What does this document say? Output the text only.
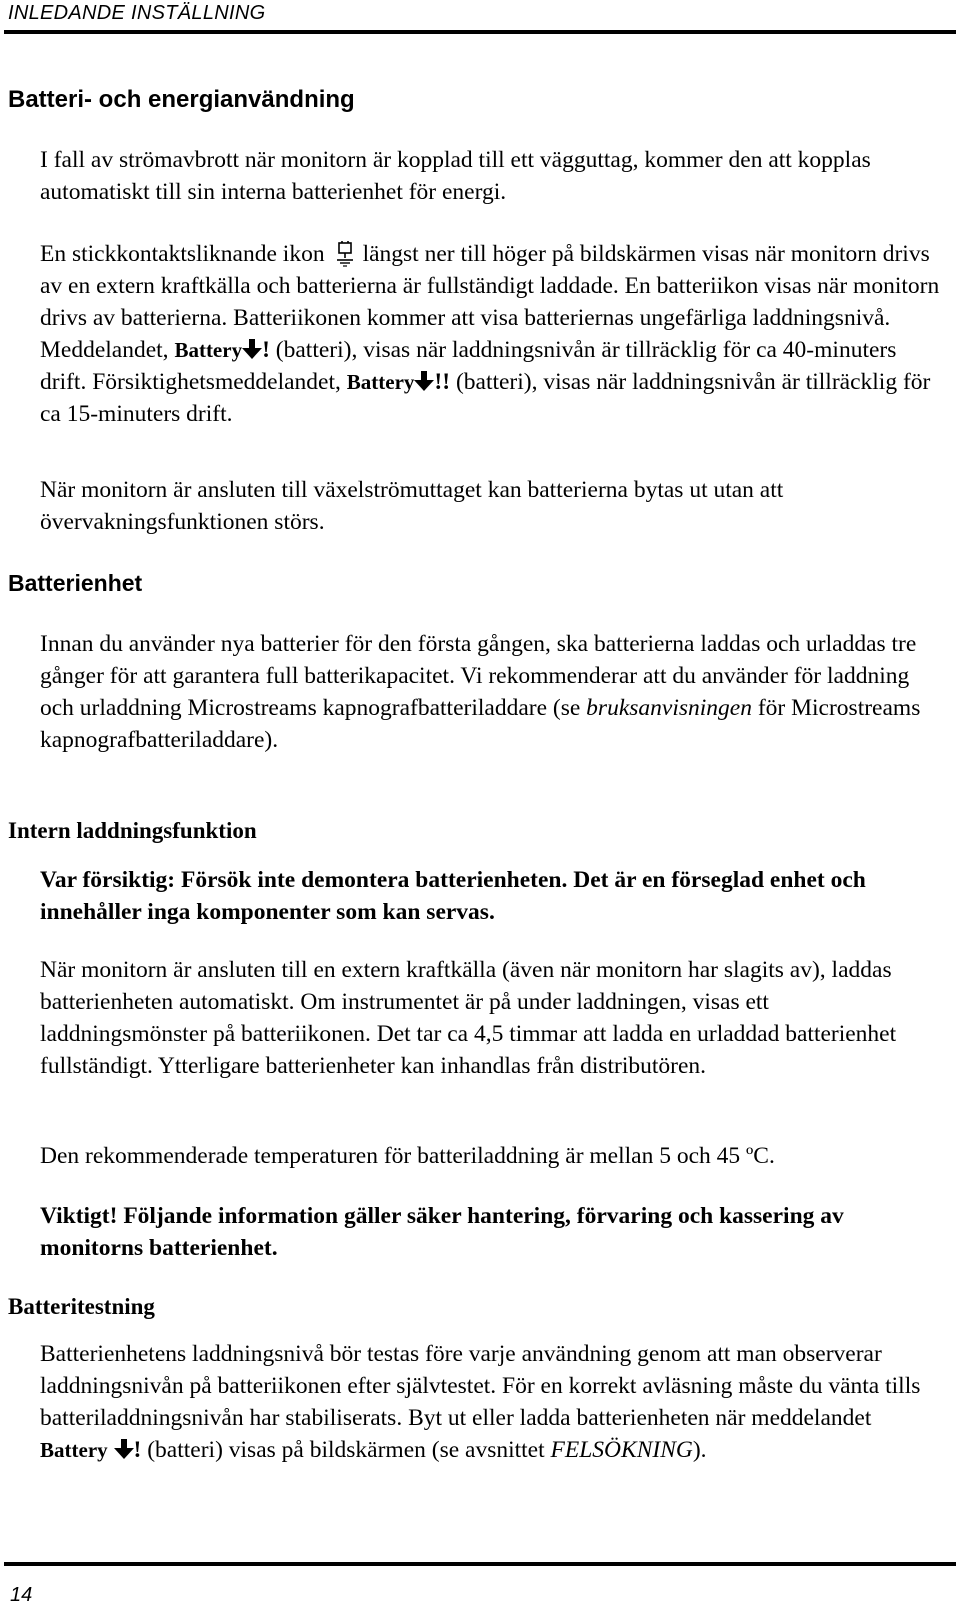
INLEDANDE INSTÄLLNING
Batteri- och energianvändning
I fall av strömavbrott när monitorn är kopplad till ett vägguttag, kommer den att kopplas automatiskt till sin interna batterienhet för energi.
En stickkontaktsliknande ikon längst ner till höger på bildskärmen visas när monitorn drivs av en extern kraftkälla och batterierna är fullständigt laddade. En batteriikon visas när monitorn drivs av batterierna. Batteriikonen kommer att visa batteriernas ungefärliga laddningsnivå. Meddelandet, Battery ! (batteri), visas när laddningsnivån är tillräcklig för ca 40-minuters drift. Försiktighetsmeddelandet, Battery !! (batteri), visas när laddningsnivån är tillräcklig för ca 15-minuters drift.
När monitorn är ansluten till växelströmuttaget kan batterierna bytas ut utan att övervakningsfunktionen störs.
Batterienhet
Innan du använder nya batterier för den första gången, ska batterierna laddas och urladdas tre gånger för att garantera full batterikapacitet. Vi rekommenderar att du använder för laddning och urladdning Microstreams kapnografbatteriladdare (se bruksanvisningen för Microstreams kapnografbatteriladdare).
Intern laddningsfunktion
Var försiktig: Försök inte demontera batterienheten. Det är en förseglad enhet och innehåller inga komponenter som kan servas.
När monitorn är ansluten till en extern kraftkälla (även när monitorn har slagits av), laddas batterienheten automatiskt. Om instrumentet är på under laddningen, visas ett laddningsmönster på batteriikonen. Det tar ca 4,5 timmar att ladda en urladdad batterienhet fullständigt. Ytterligare batterienheter kan inhandlas från distributören.
Den rekommenderade temperaturen för batteriladdning är mellan 5 och 45 ºC.
Viktigt! Följande information gäller säker hantering, förvaring och kassering av monitorns batterienhet.
Batteritestning
Batterienhetens laddningsnivå bör testas före varje användning genom att man observerar laddningsnivån på batteriikonen efter självtestet. För en korrekt avläsning måste du vänta tills batteriladdningsnivån har stabiliserats. Byt ut eller ladda batterienheten när meddelandet Battery ! (batteri) visas på bildskärmen (se avsnittet FELSÖKNING).
14
